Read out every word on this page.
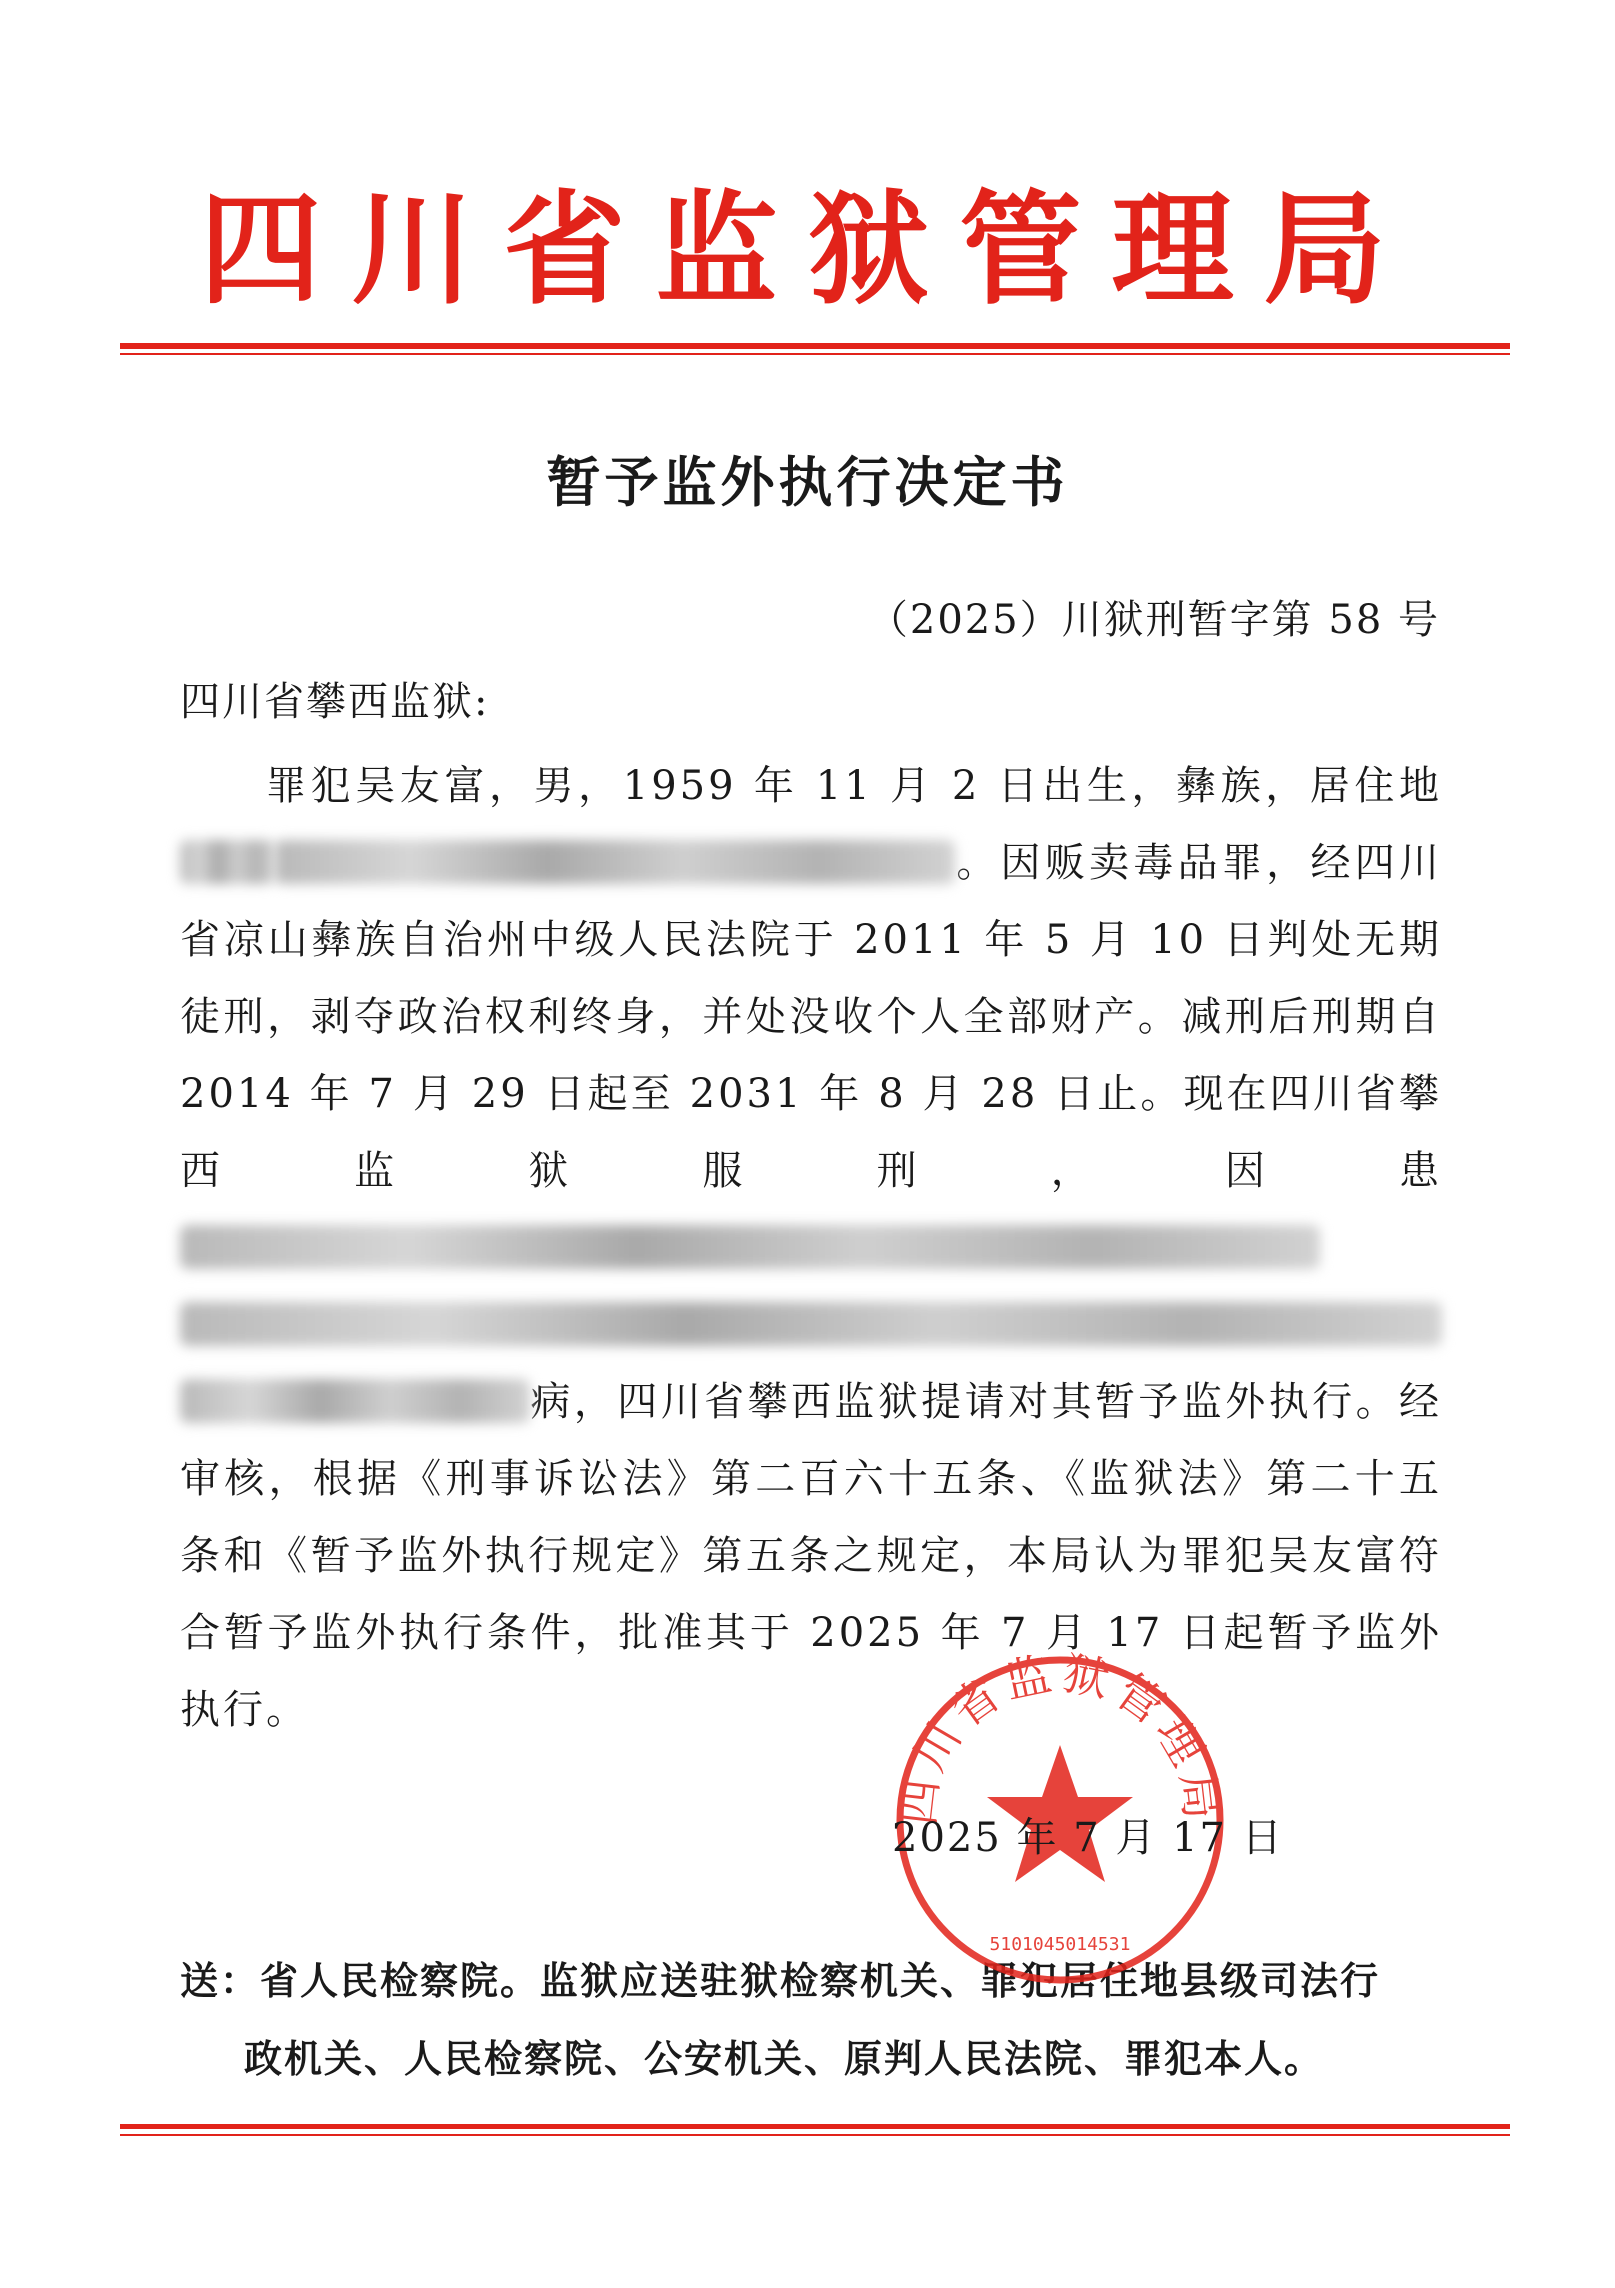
四川省监狱管理局
暂予监外执行决定书
（2025）川狱刑暂字第 58 号
四川省攀西监狱:
罪犯吴友富，男，1959 年 11 月 2 日出生，彝族，居住地。因贩卖毒品罪，经四川省凉山彝族自治州中级人民法院于 2011 年 5 月 10 日判处无期徒刑，剥夺政治权利终身，并处没收个人全部财产。减刑后刑期自 2014 年 7 月 29 日起至 2031 年 8 月 28 日止。现在四川省攀西监狱服刑，因患病，四川省攀西监狱提请对其暂予监外执行。经审核，根据《刑事诉讼法》第二百六十五条、《监狱法》第二十五条和《暂予监外执行规定》第五条之规定，本局认为罪犯吴友富符合暂予监外执行条件，批准其于 2025 年 7 月 17 日起暂予监外执行。
四川省监狱管理局
5101045014531
2025 年 7 月 17 日
送：省人民检察院。监狱应送驻狱检察机关、罪犯居住地县级司法行
政机关、人民检察院、公安机关、原判人民法院、罪犯本人。
